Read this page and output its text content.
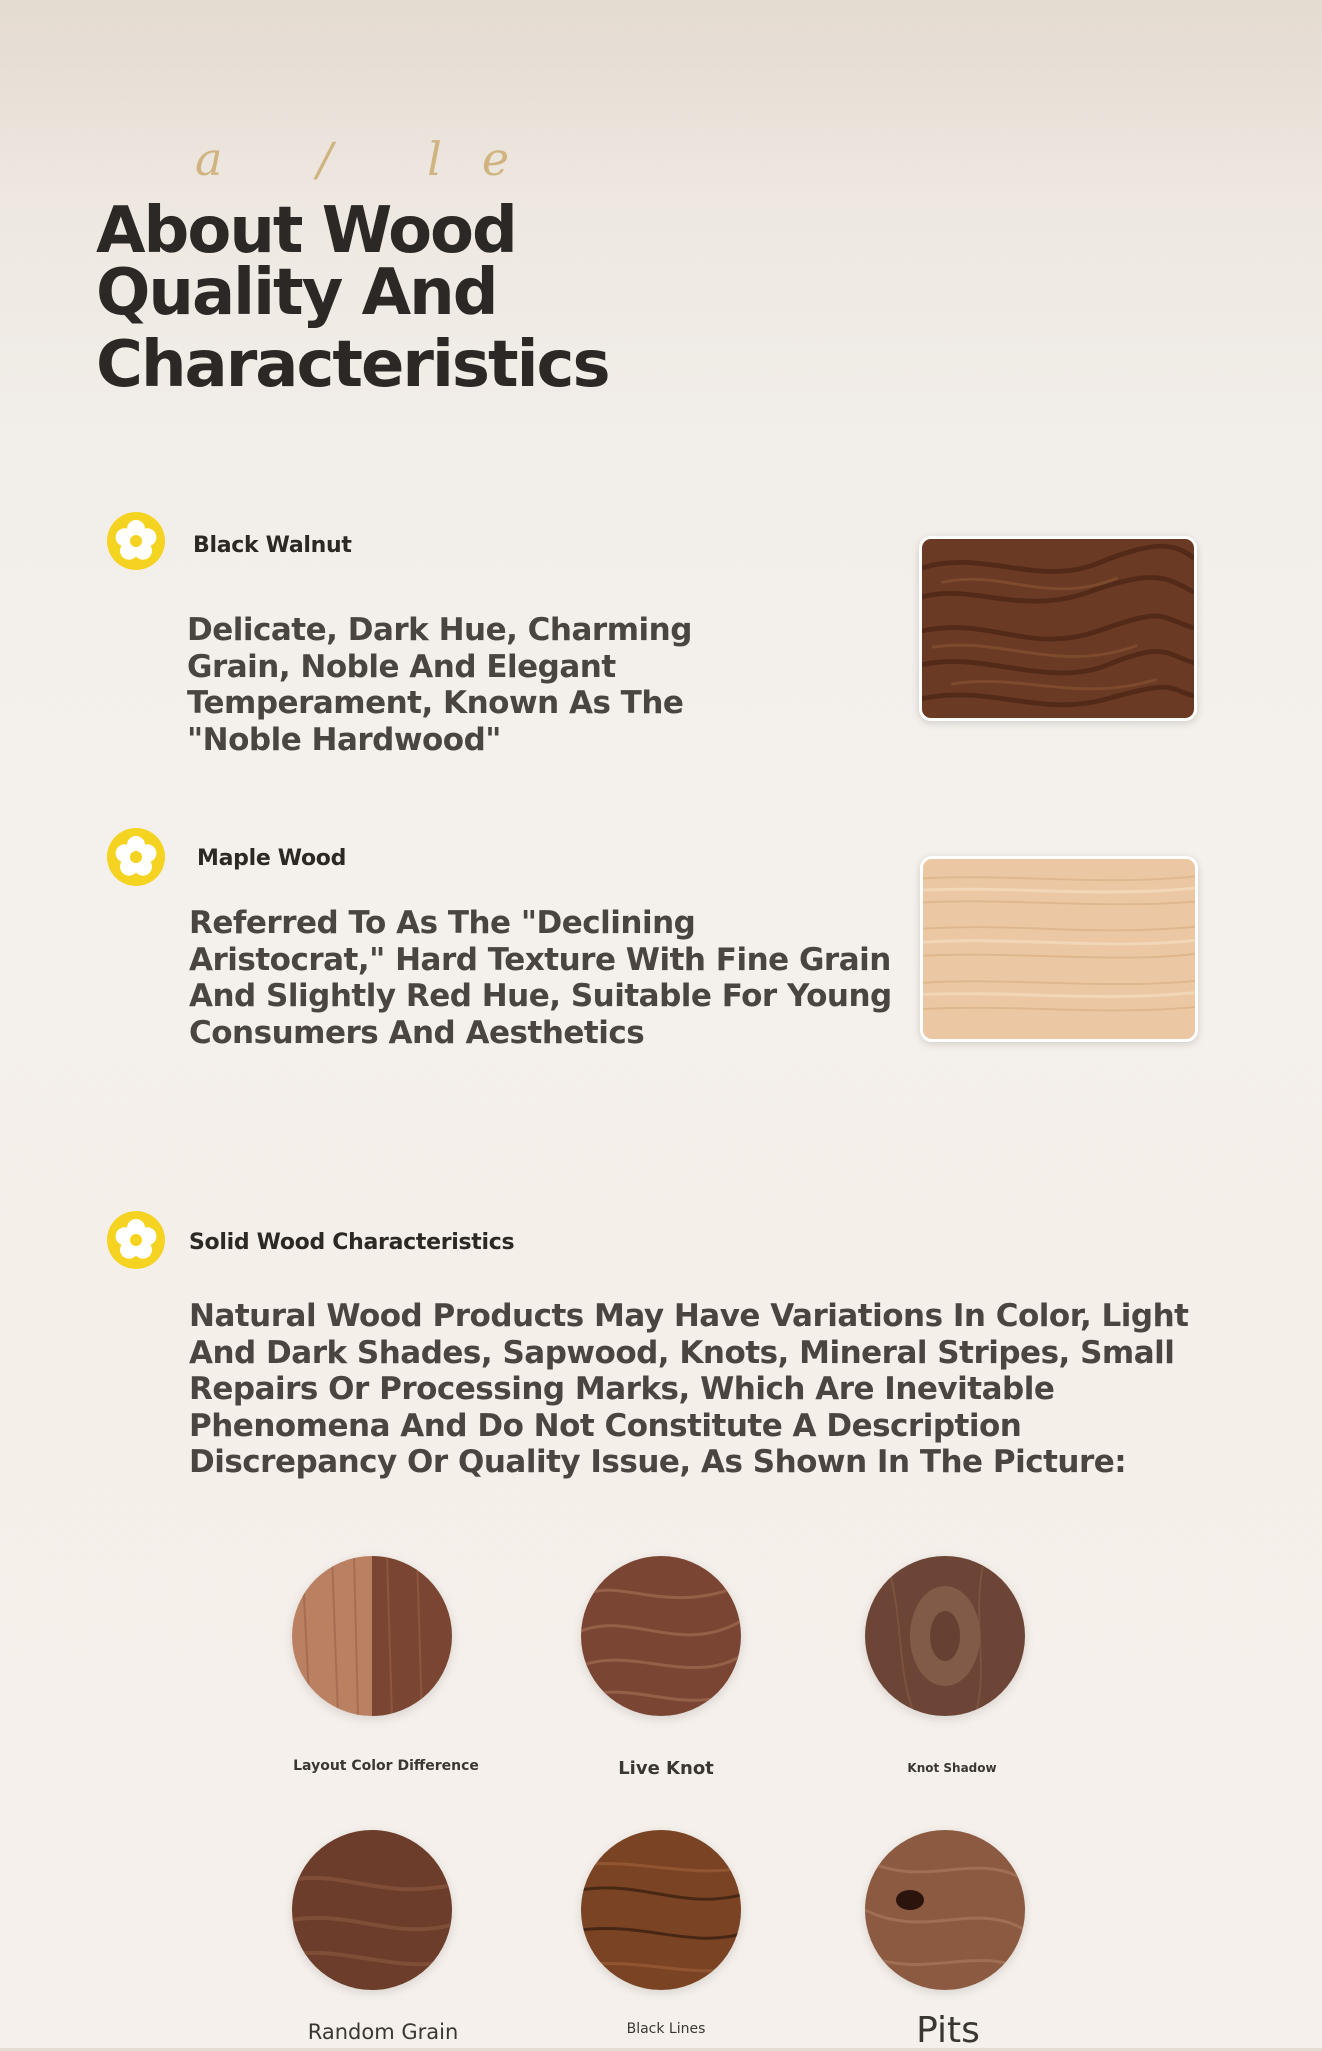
a / le
About Wood
Quality And
Characteristics
Black Walnut

Delicate, Dark Hue, Charming Grain, Noble And Elegant Temperament, Known As The "Noble Hardwood"

Maple Wood

Referred To As The "Declining Aristocrat," Hard Texture With Fine Grain And Slightly Red Hue, Suitable For Young Consumers And Aesthetics

Solid Wood Characteristics

Natural Wood Products May Have Variations In Color, Light And Dark Shades, Sapwood, Knots, Mineral Stripes, Small Repairs Or Processing Marks, Which Are Inevitable Phenomena And Do Not Constitute A Description Discrepancy Or Quality Issue, As Shown In The Picture:

Layout Color Difference	Live Knot	Knot Shadow
Random Grain	Black Lines	Pits
